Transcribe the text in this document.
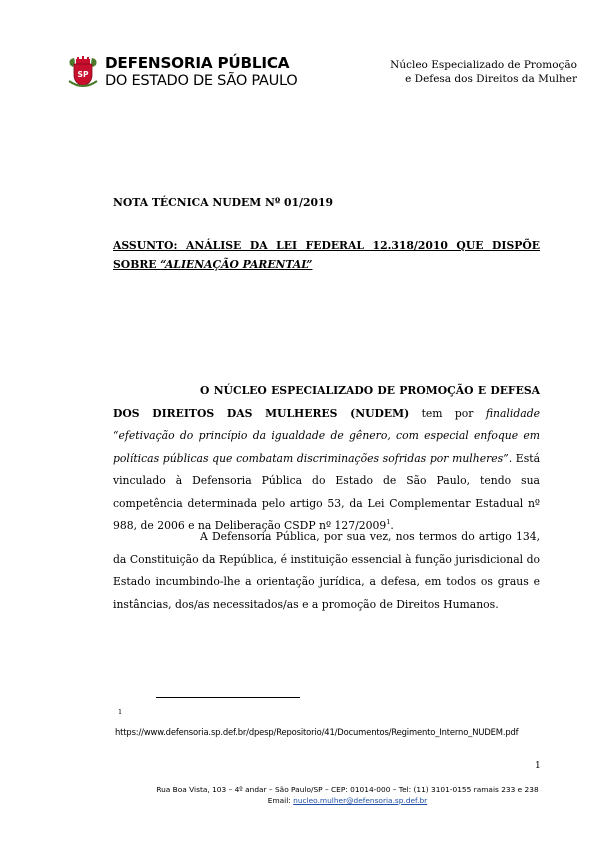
SP
DEFENSORIA PÚBLICA
DO ESTADO DE SÃO PAULO
Núcleo Especializado de Promoção
e Defesa dos Direitos da Mulher
NOTA TÉCNICA NUDEM Nº 01/2019
ASSUNTO: ANÁLISE DA LEI FEDERAL 12.318/2010 QUE DISPÕE SOBRE “ALIENAÇÃO PARENTAL”
O NÚCLEO ESPECIALIZADO DE PROMOÇÃO E DEFESA DOS DIREITOS DAS MULHERES (NUDEM) tem por finalidade “efetivação do princípio da igualdade de gênero, com especial enfoque em políticas públicas que combatam discriminações sofridas por mulheres”. Está vinculado à Defensoria Pública do Estado de São Paulo, tendo sua competência determinada pelo artigo 53, da Lei Complementar Estadual nº 988, de 2006 e na Deliberação CSDP nº 127/2009$^1$.
A Defensoria Pública, por sua vez, nos termos do artigo 134, da Constituição da República, é instituição essencial à função jurisdicional do Estado incumbindo-lhe a orientação jurídica, a defesa, em todos os graus e instâncias, dos/as necessitados/as e a promoção de Direitos Humanos.
1
https://www.defensoria.sp.def.br/dpesp/Repositorio/41/Documentos/Regimento_Interno_NUDEM.pdf
1
Rua Boa Vista, 103 – 4º andar – São Paulo/SP – CEP: 01014-000 – Tel: (11) 3101-0155 ramais 233 e 238
Email: nucleo.mulher@defensoria.sp.def.br
